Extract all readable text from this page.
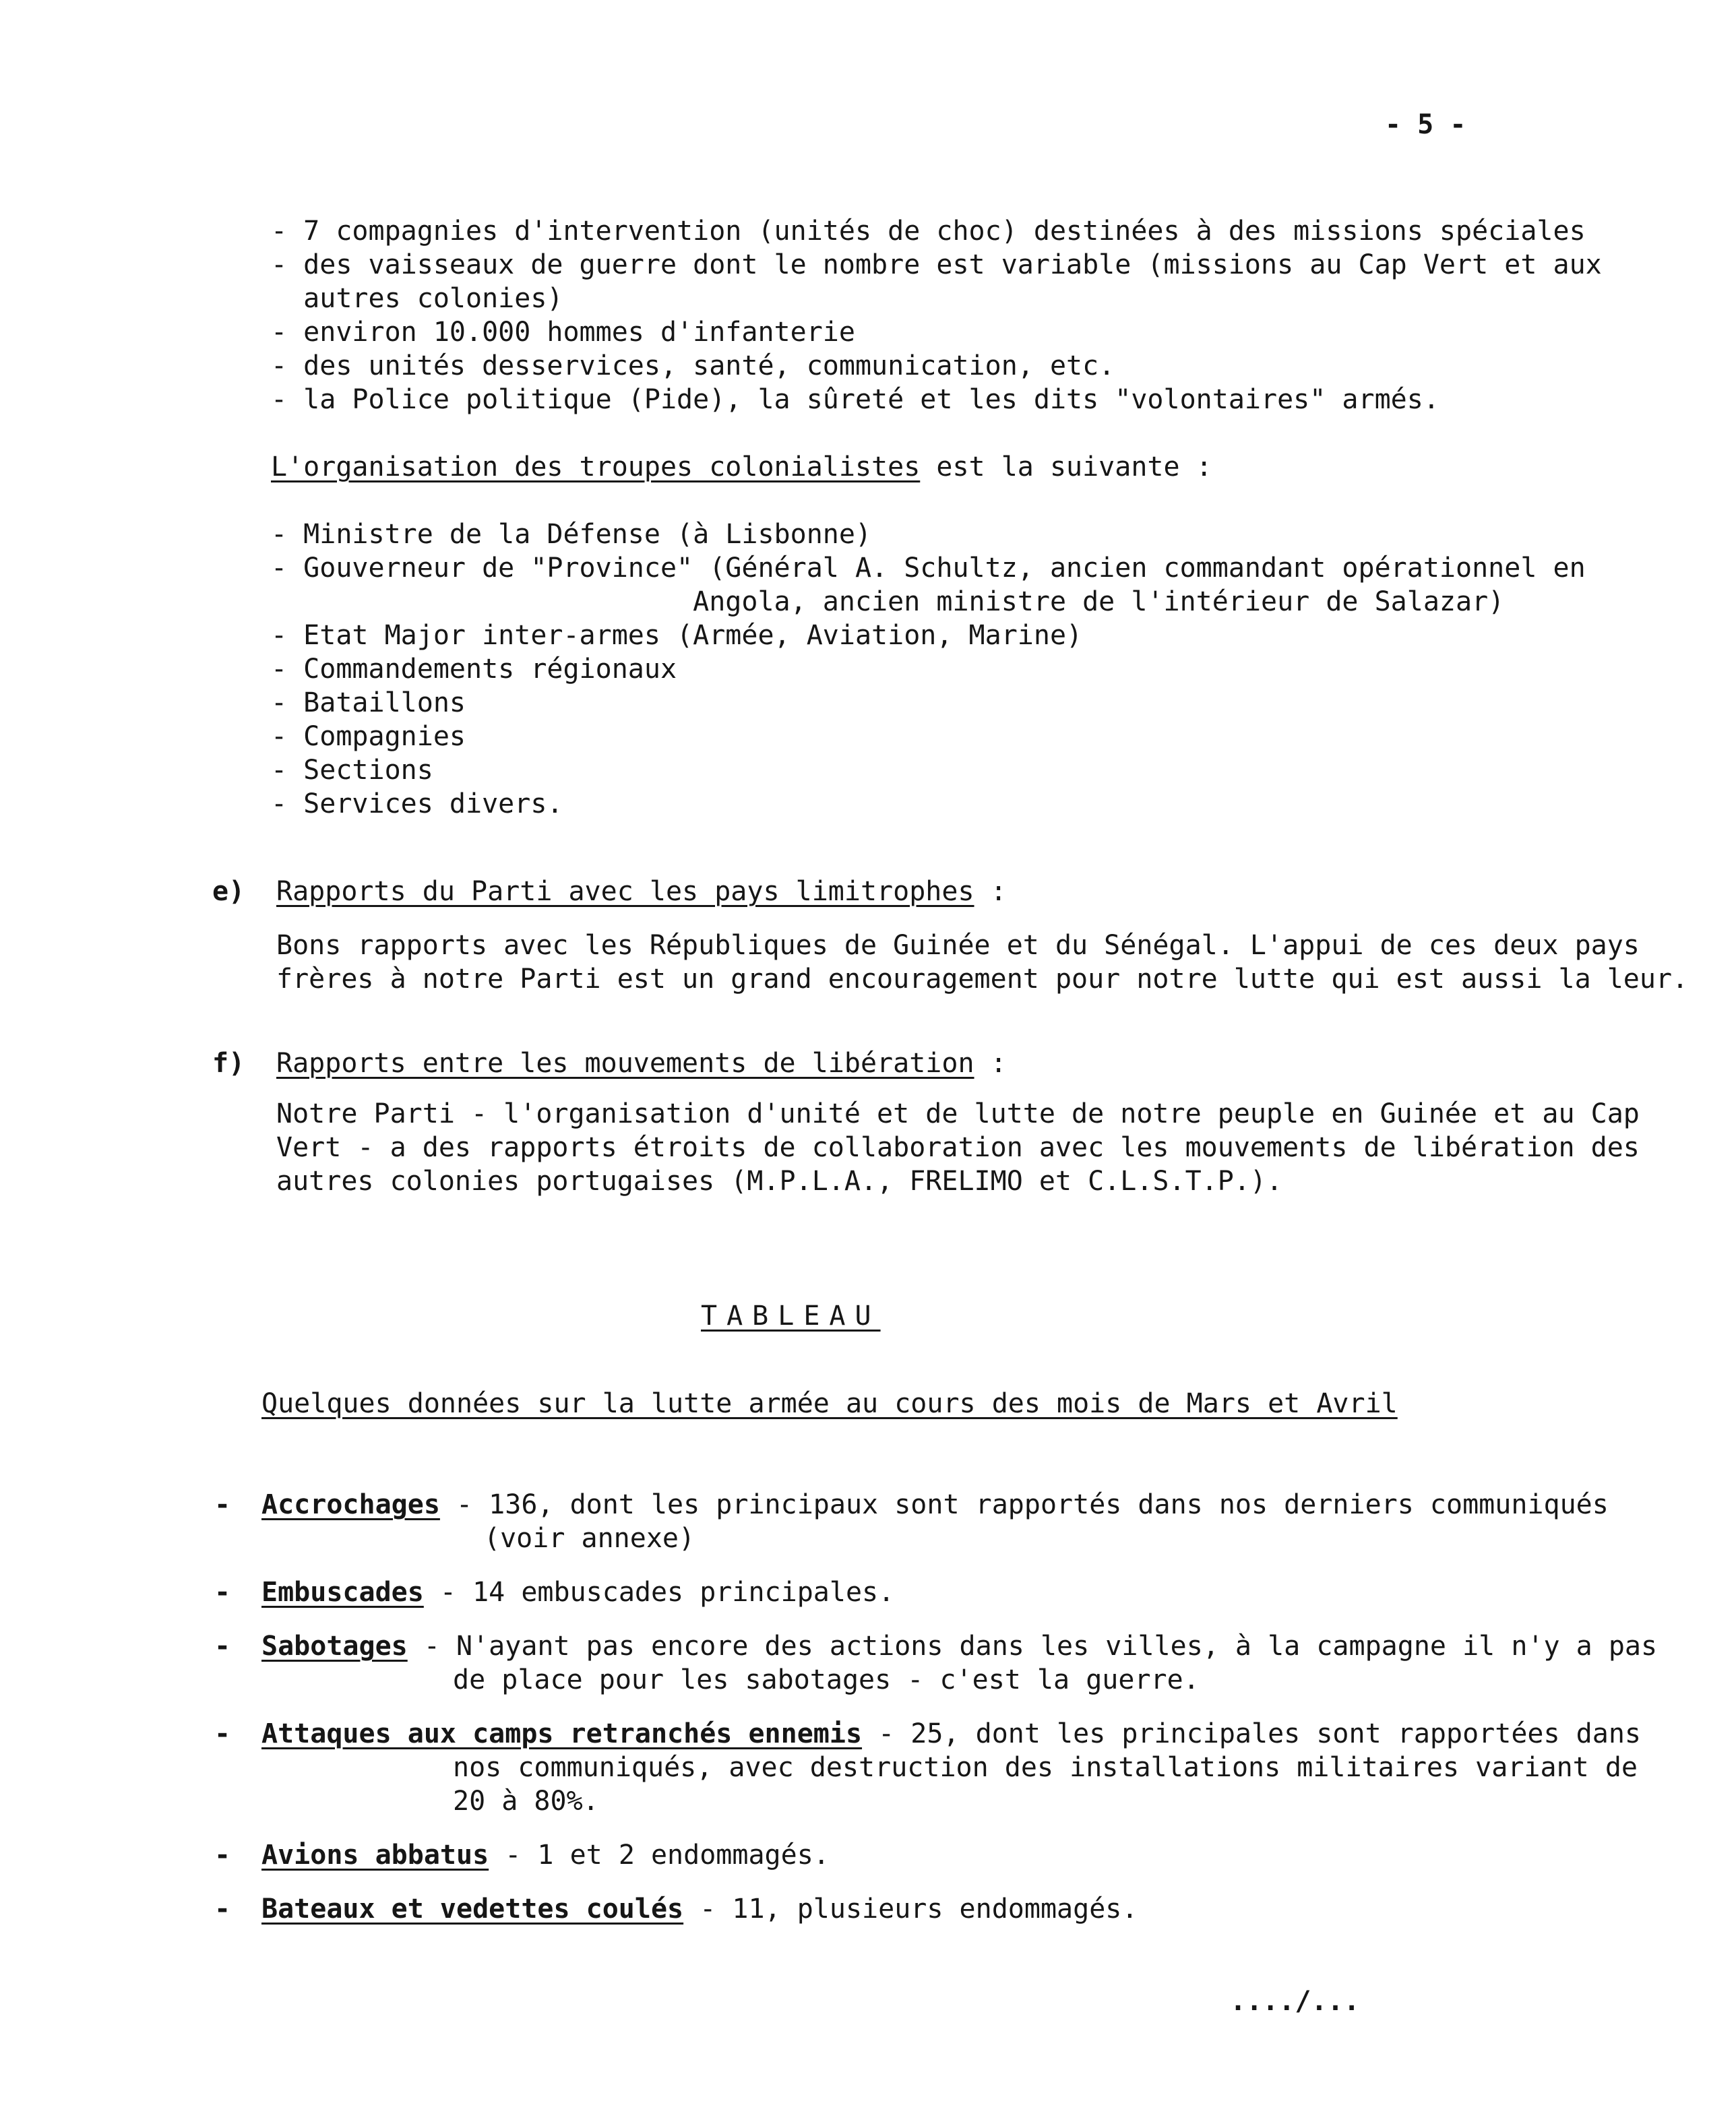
- 5 -
- 7 compagnies d'intervention (unités de choc) destinées à des missions spéciales
- des vaisseaux de guerre dont le nombre est variable (missions au Cap Vert et aux
autres colonies)
- environ 10.000 hommes d'infanterie
- des unités desservices, santé, communication, etc.
- la Police politique (Pide), la sûreté et les dits "volontaires" armés.
L'organisation des troupes colonialistes est la suivante :
- Ministre de la Défense (à Lisbonne)
- Gouverneur de "Province" (Général A. Schultz, ancien commandant opérationnel en
Angola, ancien ministre de l'intérieur de Salazar)
- Etat Major inter-armes (Armée, Aviation, Marine)
- Commandements régionaux
- Bataillons
- Compagnies
- Sections
- Services divers.
e) Rapports du Parti avec les pays limitrophes :
Bons rapports avec les Républiques de Guinée et du Sénégal. L'appui de ces deux pays
frères à notre Parti est un grand encouragement pour notre lutte qui est aussi la leur.
f) Rapports entre les mouvements de libération :
Notre Parti - l'organisation d'unité et de lutte de notre peuple en Guinée et au Cap
Vert - a des rapports étroits de collaboration avec les mouvements de libération des
autres colonies portugaises (M.P.L.A., FRELIMO et C.L.S.T.P.).
TABLEAU
Quelques données sur la lutte armée au cours des mois de Mars et Avril
- Accrochages - 136, dont les principaux sont rapportés dans nos derniers communiqués
(voir annexe)
- Embuscades - 14 embuscades principales.
- Sabotages - N'ayant pas encore des actions dans les villes, à la campagne il n'y a pas
de place pour les sabotages - c'est la guerre.
- Attaques aux camps retranchés ennemis - 25, dont les principales sont rapportées dans
nos communiqués, avec destruction des installations militaires variant de
20 à 80%.
- Avions abbatus - 1 et 2 endommagés.
- Bateaux et vedettes coulés - 11, plusieurs endommagés.
..../...
